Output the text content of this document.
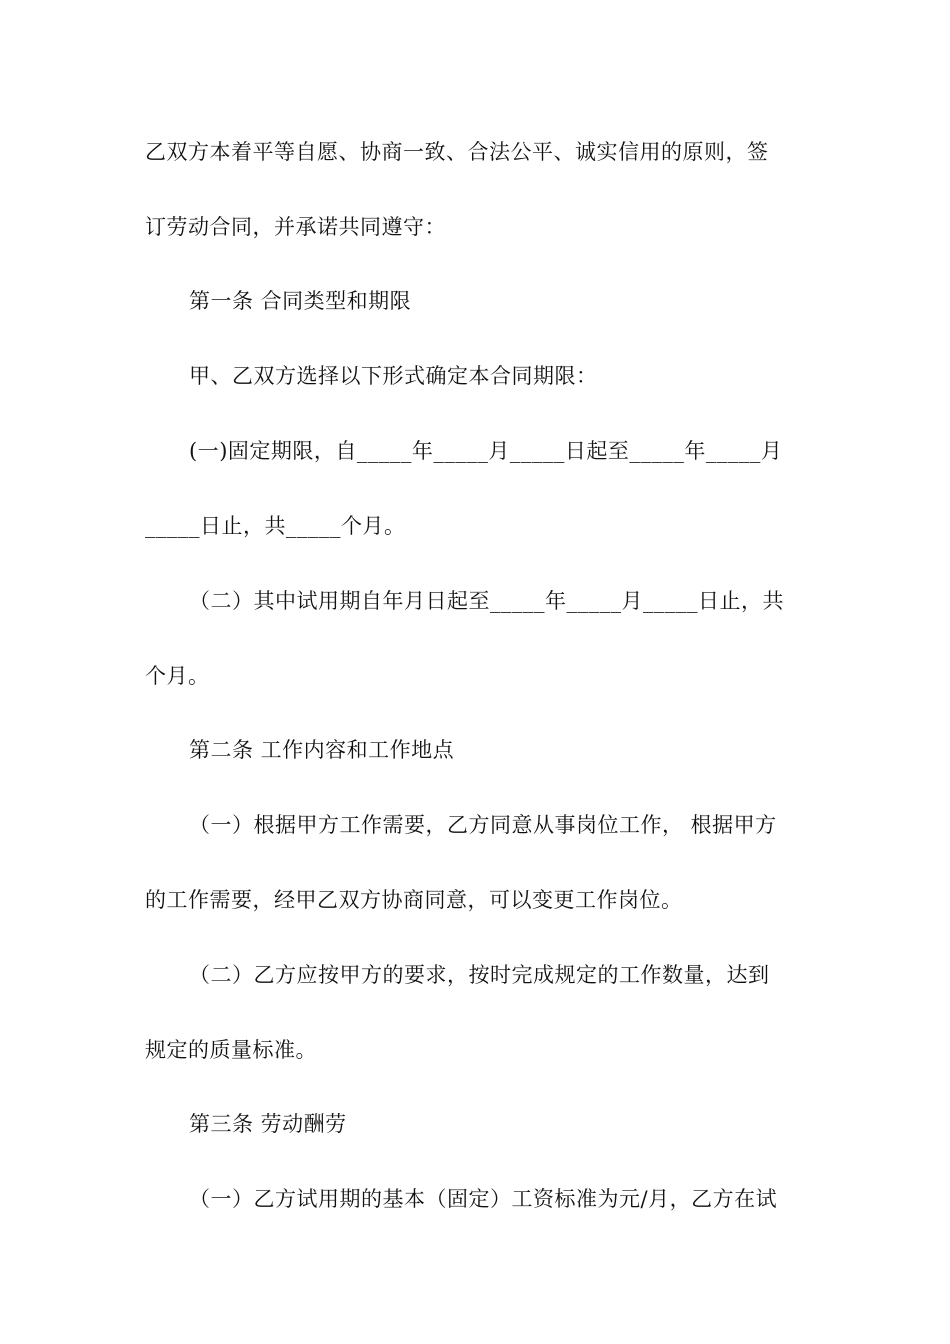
乙双方本着平等自愿、协商一致、合法公平、诚实信用的原则，签
订劳动合同，并承诺共同遵守：
第一条 合同类型和期限
甲、乙双方选择以下形式确定本合同期限：
(一)固定期限，自_____年_____月_____日起至_____年_____月
_____日止，共_____个月。
（二）其中试用期自年月日起至_____年_____月_____日止，共
个月。
第二条 工作内容和工作地点
（一）根据甲方工作需要，乙方同意从事岗位工作， 根据甲方
的工作需要，经甲乙双方协商同意，可以变更工作岗位。
（二）乙方应按甲方的要求，按时完成规定的工作数量，达到
规定的质量标准。
第三条 劳动酬劳
（一）乙方试用期的基本（固定）工资标准为元/月，乙方在试
